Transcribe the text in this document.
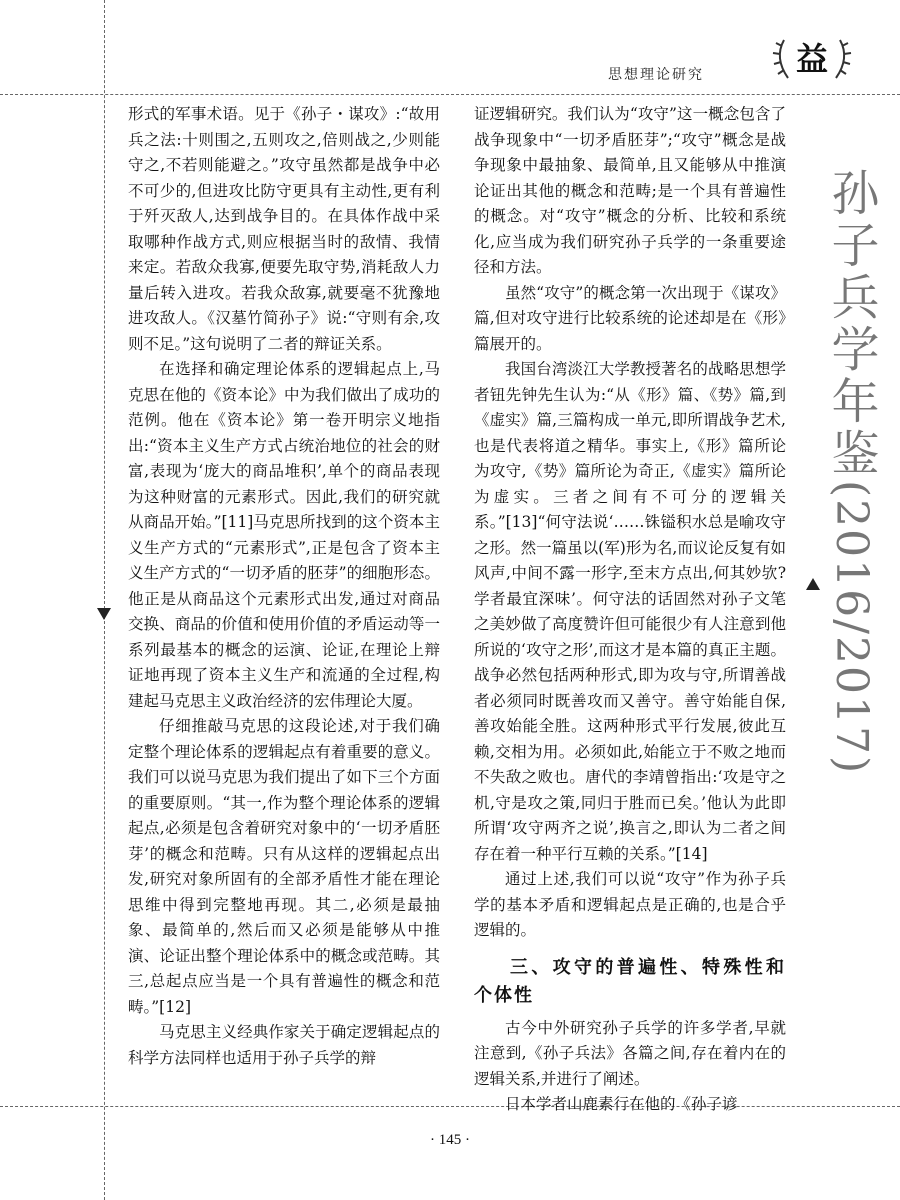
思想理论研究	益
孙子兵学年鉴(2016/2017)

形式的军事术语。见于《孙子・谋攻》:“故用兵之法:十则围之,五则攻之,倍则战之,少则能守之,不若则能避之。”攻守虽然都是战争中必不可少的,但进攻比防守更具有主动性,更有利于歼灭敌人,达到战争目的。在具体作战中采取哪种作战方式,则应根据当时的敌情、我情来定。若敌众我寡,便要先取守势,消耗敌人力量后转入进攻。若我众敌寡,就要毫不犹豫地进攻敌人。《汉墓竹简孙子》说:“守则有余,攻则不足。”这句说明了二者的辩证关系。

在选择和确定理论体系的逻辑起点上,马克思在他的《资本论》中为我们做出了成功的范例。他在《资本论》第一卷开明宗义地指出:“资本主义生产方式占统治地位的社会的财富,表现为‘庞大的商品堆积’,单个的商品表现为这种财富的元素形式。因此,我们的研究就从商品开始。”[11]马克思所找到的这个资本主义生产方式的“元素形式”,正是包含了资本主义生产方式的“一切矛盾的胚芽”的细胞形态。他正是从商品这个元素形式出发,通过对商品交换、商品的价值和使用价值的矛盾运动等一系列最基本的概念的运演、论证,在理论上辩证地再现了资本主义生产和流通的全过程,构建起马克思主义政治经济的宏伟理论大厦。

仔细推敲马克思的这段论述,对于我们确定整个理论体系的逻辑起点有着重要的意义。我们可以说马克思为我们提出了如下三个方面的重要原则。“其一,作为整个理论体系的逻辑起点,必须是包含着研究对象中的‘一切矛盾胚芽’的概念和范畴。只有从这样的逻辑起点出发,研究对象所固有的全部矛盾性才能在理论思维中得到完整地再现。其二,必须是最抽象、最简单的,然后而又必须是能够从中推演、论证出整个理论体系中的概念或范畴。其三,总起点应当是一个具有普遍性的概念和范畴。”[12]

马克思主义经典作家关于确定逻辑起点的科学方法同样也适用于孙子兵学的辩

证逻辑研究。我们认为“攻守”这一概念包含了战争现象中“一切矛盾胚芽”;“攻守”概念是战争现象中最抽象、最简单,且又能够从中推演论证出其他的概念和范畴;是一个具有普遍性的概念。对“攻守”概念的分析、比较和系统化,应当成为我们研究孙子兵学的一条重要途径和方法。

虽然“攻守”的概念第一次出现于《谋攻》篇,但对攻守进行比较系统的论述却是在《形》篇展开的。

我国台湾淡江大学教授著名的战略思想学者钮先钟先生认为:“从《形》篇、《势》篇,到《虚实》篇,三篇构成一单元,即所谓战争艺术,也是代表将道之精华。事实上,《形》篇所论为攻守,《势》篇所论为奇正,《虚实》篇所论为虚实。三者之间有不可分的逻辑关系。”[13]“何守法说‘……铢镒积水总是喻攻守之形。然一篇虽以(军)形为名,而议论反复有如风声,中间不露一形字,至末方点出,何其妙欤?学者最宜深味’。何守法的话固然对孙子文笔之美妙做了高度赞许但可能很少有人注意到他所说的‘攻守之形’,而这才是本篇的真正主题。战争必然包括两种形式,即为攻与守,所谓善战者必须同时既善攻而又善守。善守始能自保,善攻始能全胜。这两种形式平行发展,彼此互赖,交相为用。必须如此,始能立于不败之地而不失敌之败也。唐代的李靖曾指出:‘攻是守之机,守是攻之策,同归于胜而已矣。’他认为此即所谓‘攻守两齐之说’,换言之,即认为二者之间存在着一种平行互赖的关系。”[14]

通过上述,我们可以说“攻守”作为孙子兵学的基本矛盾和逻辑起点是正确的,也是合乎逻辑的。

三、攻守的普遍性、特殊性和个体性

古今中外研究孙子兵学的许多学者,早就注意到,《孙子兵法》各篇之间,存在着内在的逻辑关系,并进行了阐述。

日本学者山鹿素行在他的《孙子谚

· 145 ·
